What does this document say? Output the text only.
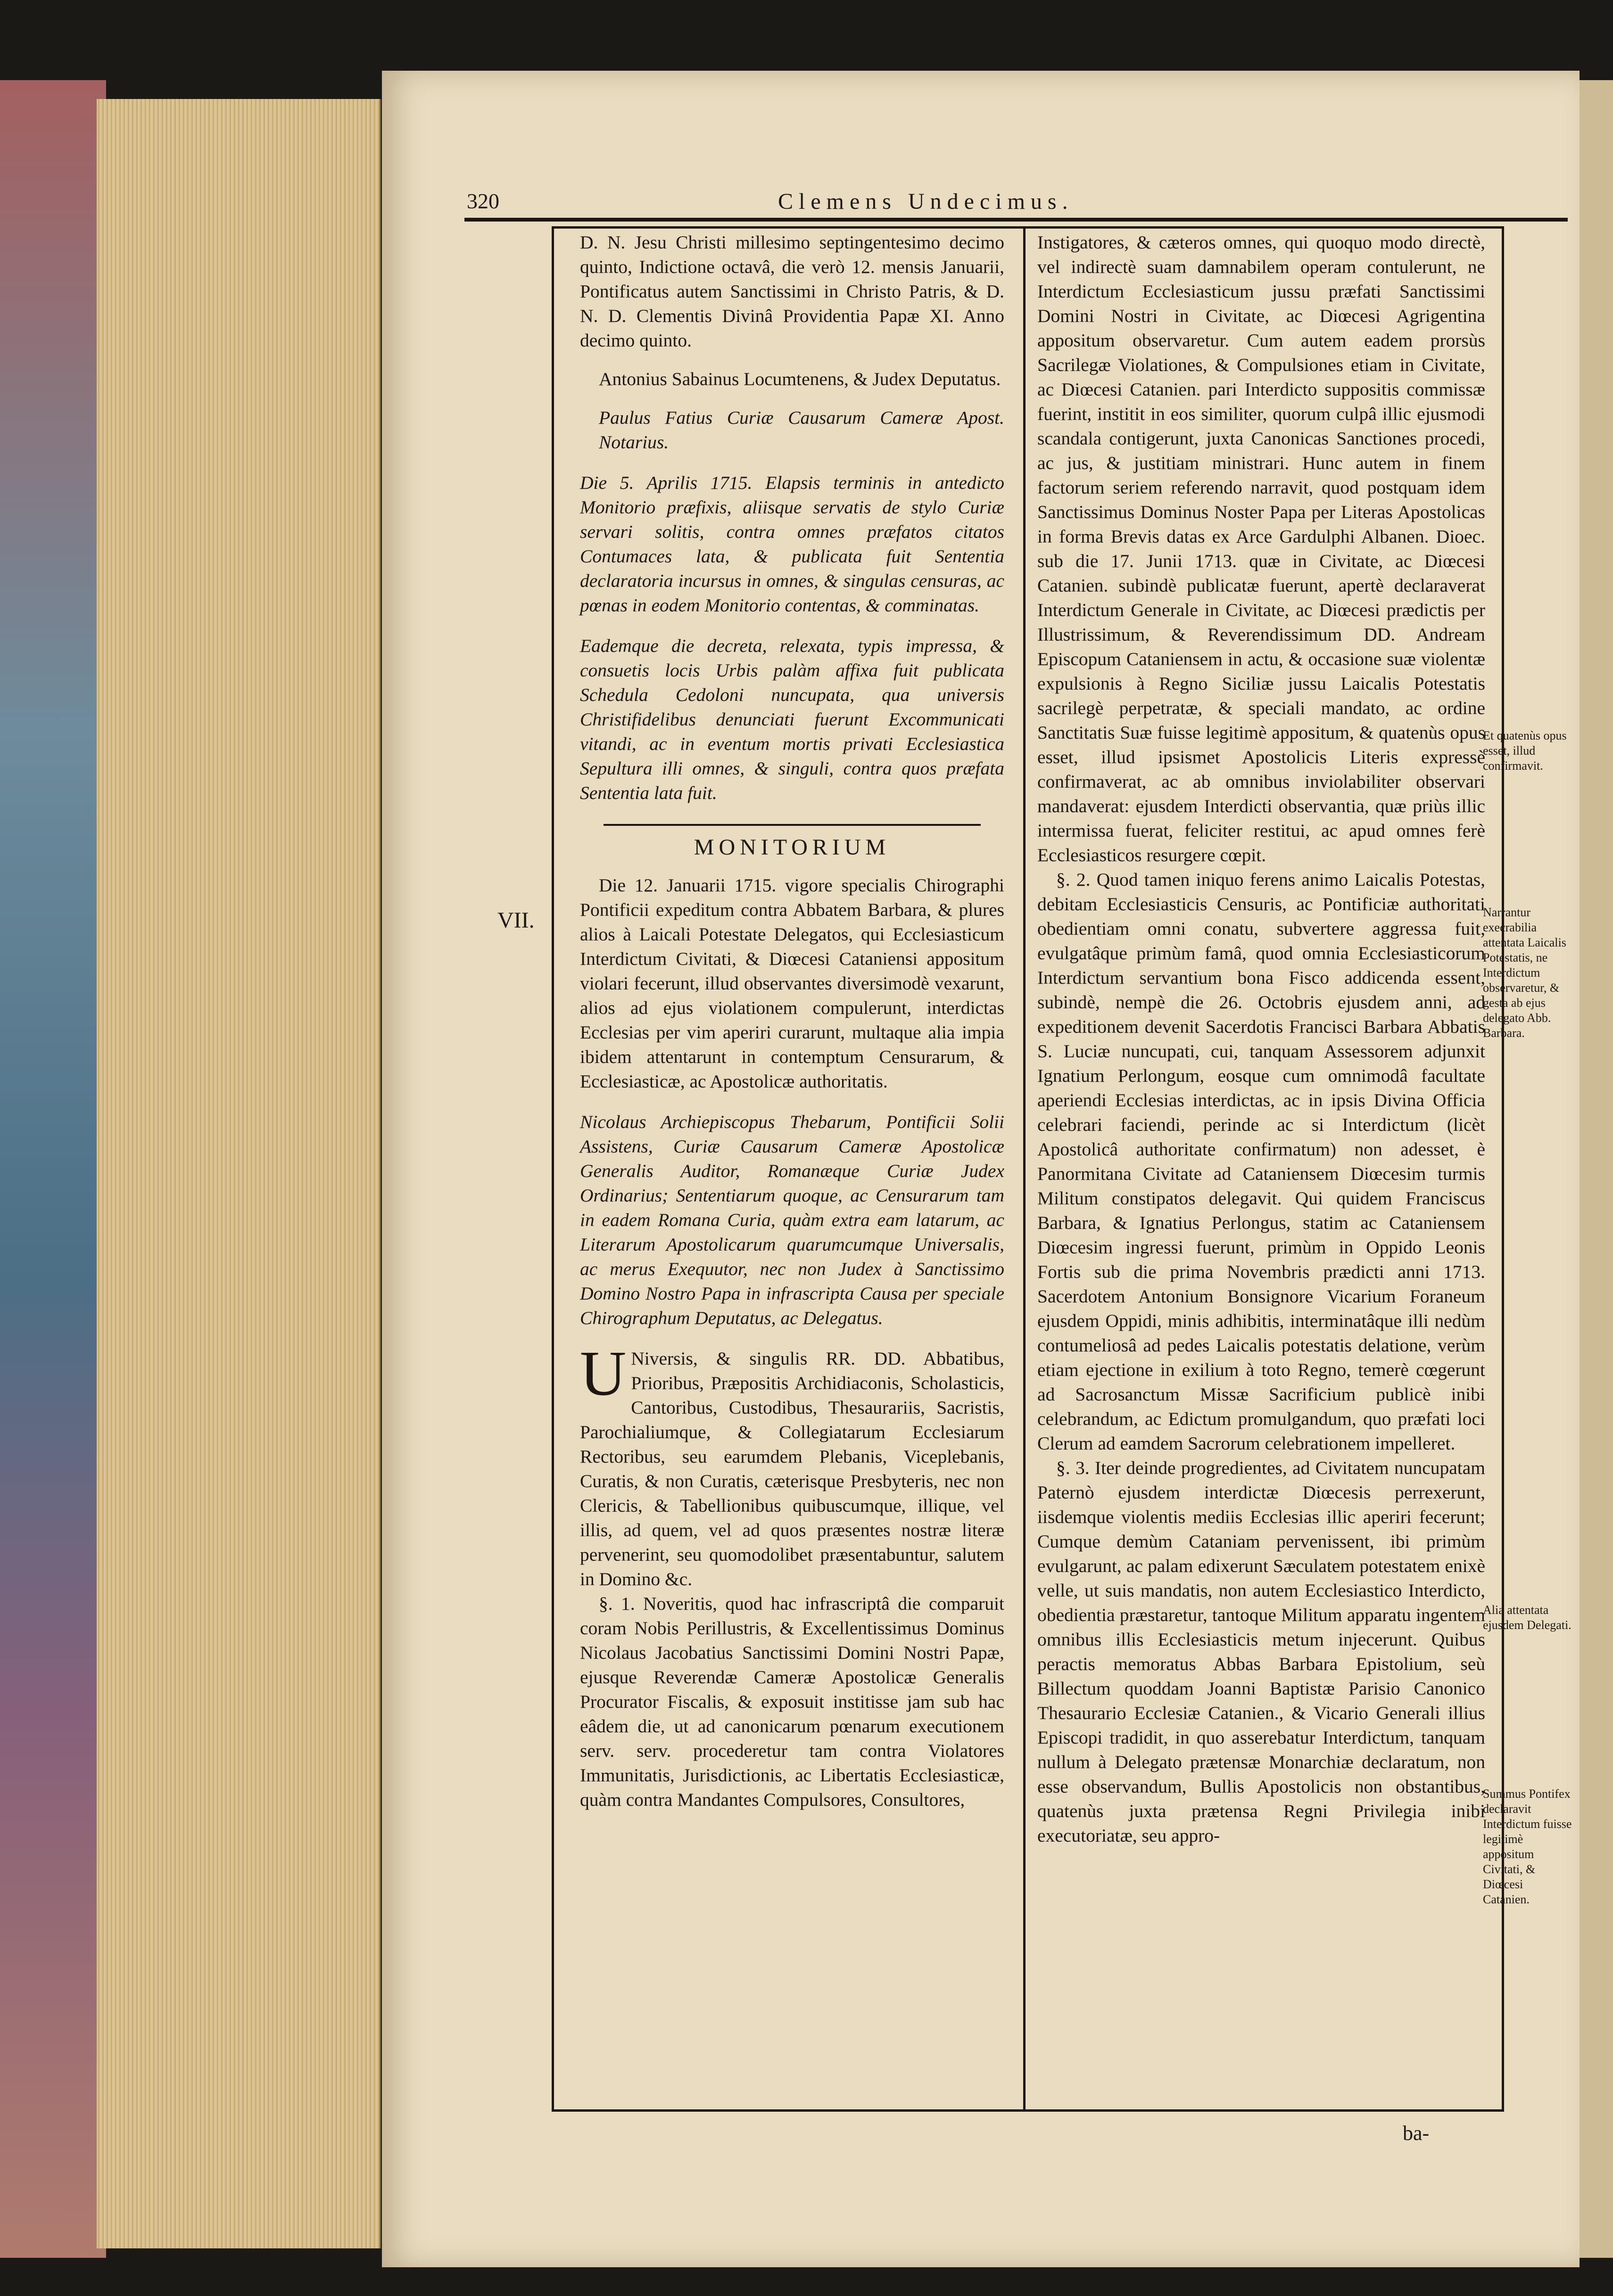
320	Clemens Undecimus.

D. N. Jesu Christi millesimo septingentesimo decimo quinto, Indictione octavâ, die verò 12. mensis Januarii, Pontificatus autem Sanctissimi in Christo Patris, & D. N. D. Clementis Divinâ Providentia Papæ XI. Anno decimo quinto.

Antonius Sabainus Locumtenens, & Judex Deputatus.

Paulus Fatius Curiæ Causarum Cameræ Apost. Notarius.

Die 5. Aprilis 1715. Elapsis terminis in antedicto Monitorio præfixis, aliisque servatis de stylo Curiæ servari solitis, contra omnes præfatos citatos Contumaces lata, & publicata fuit Sententia declaratoria incursus in omnes, & singulas censuras, ac pœnas in eodem Monitorio contentas, & comminatas.

Eademque die decreta, relexata, typis impressa, & consuetis locis Urbis palàm affixa fuit publicata Schedula Cedoloni nuncupata, qua universis Christifidelibus denunciati fuerunt Excommunicati vitandi, ac in eventum mortis privati Ecclesiastica Sepultura illi omnes, & singuli, contra quos præfata Sententia lata fuit.

MONITORIUM

Die 12. Januarii 1715. vigore specialis Chirographi Pontificii expeditum contra Abbatem Barbara, & plures alios à Laicali Potestate Delegatos, qui Ecclesiasticum Interdictum Civitati, & Diœcesi Cataniensi appositum violari fecerunt, illud observantes diversimodè vexarunt, alios ad ejus violationem compulerunt, interdictas Ecclesias per vim aperiri curarunt, multaque alia impia ibidem attentarunt in contemptum Censurarum, & Ecclesiasticæ, ac Apostolicæ authoritatis.

Nicolaus Archiepiscopus Thebarum, Pontificii Solii Assistens, Curiæ Causarum Cameræ Apostolicæ Generalis Auditor, Romanæque Curiæ Judex Ordinarius; Sententiarum quoque, ac Censurarum tam in eadem Romana Curia, quàm extra eam latarum, ac Literarum Apostolicarum quarumcumque Universalis, ac merus Exequutor, nec non Judex à Sanctissimo Domino Nostro Papa in infrascripta Causa per speciale Chirographum Deputatus, ac Delegatus.

U Niversis, & singulis RR. DD. Abbatibus, Prioribus, Præpositis Archidiaconis, Scholasticis, Cantoribus, Custodibus, Thesaurariis, Sacristis, Parochialiumque, & Collegiatarum Ecclesiarum Rectoribus, seu earumdem Plebanis, Viceplebanis, Curatis, & non Curatis, cæterisque Presbyteris, nec non Clericis, & Tabellionibus quibuscumque, illique, vel illis, ad quem, vel ad quos præsentes nostræ literæ pervenerint, seu quomodolibet præsentabuntur, salutem in Domino &c.

§. 1. Noveritis, quod hac infrascriptâ die comparuit coram Nobis Perillustris, & Excellentissimus Dominus Nicolaus Jacobatius Sanctissimi Domini Nostri Papæ, ejusque Reverendæ Cameræ Apostolicæ Generalis Procurator Fiscalis, & exposuit institisse jam sub hac eâdem die, ut ad canonicarum pœnarum executionem serv. serv. procederetur tam contra Violatores Immunitatis, Jurisdictionis, ac Libertatis Ecclesiasticæ, quàm contra Mandantes Compulsores, Consultores,

VII.

Instigatores, & cæteros omnes, qui quoquo modo directè, vel indirectè suam damnabilem operam contulerunt, ne Interdictum Ecclesiasticum jussu præfati Sanctissimi Domini Nostri in Civitate, ac Diœcesi Agrigentina appositum observaretur. Cum autem eadem prorsùs Sacrilegæ Violationes, & Compulsiones etiam in Civitate, ac Diœcesi Catanien. pari Interdicto suppositis commissæ fuerint, institit in eos similiter, quorum culpâ illic ejusmodi scandala contigerunt, juxta Canonicas Sanctiones procedi, ac jus, & justitiam ministrari. Hunc autem in finem factorum seriem referendo narravit, quod postquam idem Sanctissimus Dominus Noster Papa per Literas Apostolicas in forma Brevis datas ex Arce Gardulphi Albanen. Dioec. sub die 17. Junii 1713. quæ in Civitate, ac Diœcesi Catanien. subindè publicatæ fuerunt, apertè declaraverat Interdictum Generale in Civitate, ac Diœcesi prædictis per Illustrissimum, & Reverendissimum DD. Andream Episcopum Cataniensem in actu, & occasione suæ violentæ expulsionis à Regno Siciliæ jussu Laicalis Potestatis sacrilegè perpetratæ, & speciali mandato, ac ordine Sanctitatis Suæ fuisse legitimè appositum, & quatenùs opus esset, illud ipsismet Apostolicis Literis expressè confirmaverat, ac ab omnibus inviolabiliter observari mandaverat: ejusdem Interdicti observantia, quæ priùs illic intermissa fuerat, feliciter restitui, ac apud omnes ferè Ecclesiasticos resurgere cœpit.

§. 2. Quod tamen iniquo ferens animo Laicalis Potestas, debitam Ecclesiasticis Censuris, ac Pontificiæ authoritati obedientiam omni conatu, subvertere aggressa fuit, evulgatâque primùm famâ, quod omnia Ecclesiasticorum Interdictum servantium bona Fisco addicenda essent, subindè, nempè die 26. Octobris ejusdem anni, ad expeditionem devenit Sacerdotis Francisci Barbara Abbatis S. Luciæ nuncupati, cui, tanquam Assessorem adjunxit Ignatium Perlongum, eosque cum omnimodâ facultate aperiendi Ecclesias interdictas, ac in ipsis Divina Officia celebrari faciendi, perinde ac si Interdictum (licèt Apostolicâ authoritate confirmatum) non adesset, è Panormitana Civitate ad Cataniensem Diœcesim turmis Militum constipatos delegavit. Qui quidem Franciscus Barbara, & Ignatius Perlongus, statim ac Cataniensem Diœcesim ingressi fuerunt, primùm in Oppido Leonis Fortis sub die prima Novembris prædicti anni 1713. Sacerdotem Antonium Bonsignore Vicarium Foraneum ejusdem Oppidi, minis adhibitis, interminatâque illi nedùm contumeliosâ ad pedes Laicalis potestatis delatione, verùm etiam ejectione in exilium à toto Regno, temerè cœgerunt ad Sacrosanctum Missæ Sacrificium publicè inibi celebrandum, ac Edictum promulgandum, quo præfati loci Clerum ad eamdem Sacrorum celebrationem impelleret.

§. 3. Iter deinde progredientes, ad Civitatem nuncupatam Paternò ejusdem interdictæ Diœcesis perrexerunt, iisdemque violentis mediis Ecclesias illic aperiri fecerunt; Cumque demùm Cataniam pervenissent, ibi primùm evulgarunt, ac palam edixerunt Sæculatem potestatem enixè velle, ut suis mandatis, non autem Ecclesiastico Interdicto, obedientia præstaretur, tantoque Militum apparatu ingentem omnibus illis Ecclesiasticis metum injecerunt. Quibus peractis memoratus Abbas Barbara Epistolium, seù Billectum quoddam Joanni Baptistæ Parisio Canonico Thesaurario Ecclesiæ Catanien., & Vicario Generali illius Episcopi tradidit, in quo asserebatur Interdictum, tanquam nullum à Delegato prætensæ Monarchiæ declaratum, non esse observandum, Bullis Apostolicis non obstantibus, quatenùs juxta prætensa Regni Privilegia inibi executoriatæ, seu appro-

Et quatenùs opus esset, illud confirmavit.
Narrantur execrabilia attentata Laicalis Potestatis, ne Interdictum observaretur, & gesta ab ejus delegato Abb. Barbara.
Alia attentata ejusdem Delegati.
Summus Pontifex declaravit Interdictum fuisse legitimè appositum Civitati, & Diœcesi Catanien.
ba-
